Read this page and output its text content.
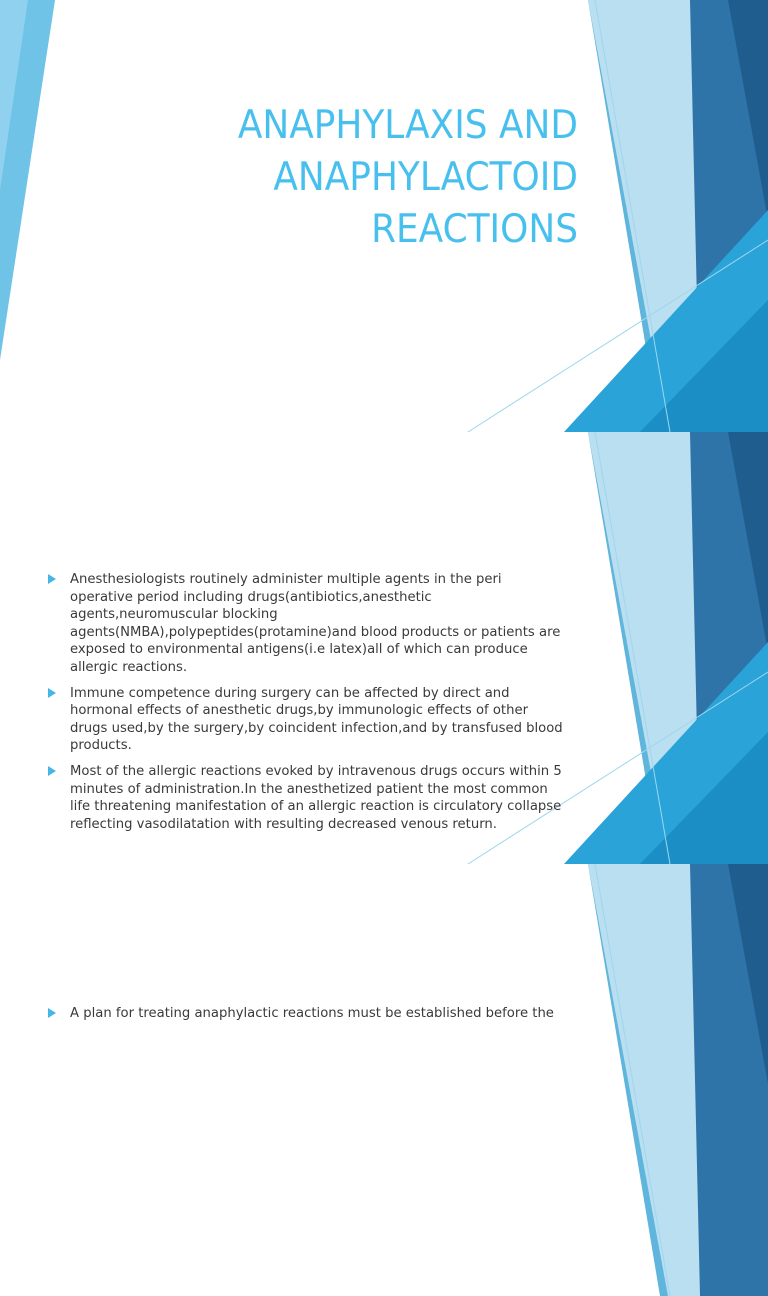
ANAPHYLAXIS AND
ANAPHYLACTOID
REACTIONS
Anesthesiologists routinely administer multiple agents in the peri operative period including drugs(antibiotics,anesthetic agents,neuromuscular blocking agents(NMBA),polypeptides(protamine)and blood products or patients are exposed to environmental antigens(i.e latex)all of which can produce allergic reactions.
Immune competence during surgery can be affected by direct and hormonal effects of anesthetic drugs,by immunologic effects of other drugs used,by the surgery,by coincident infection,and by transfused blood products.
Most of the allergic reactions evoked by intravenous drugs occurs within 5 minutes of administration.In the anesthetized patient the most common life threatening manifestation of an allergic reaction is circulatory collapse reflecting vasodilatation with resulting decreased venous return.
A plan for treating anaphylactic reactions must be established before the
